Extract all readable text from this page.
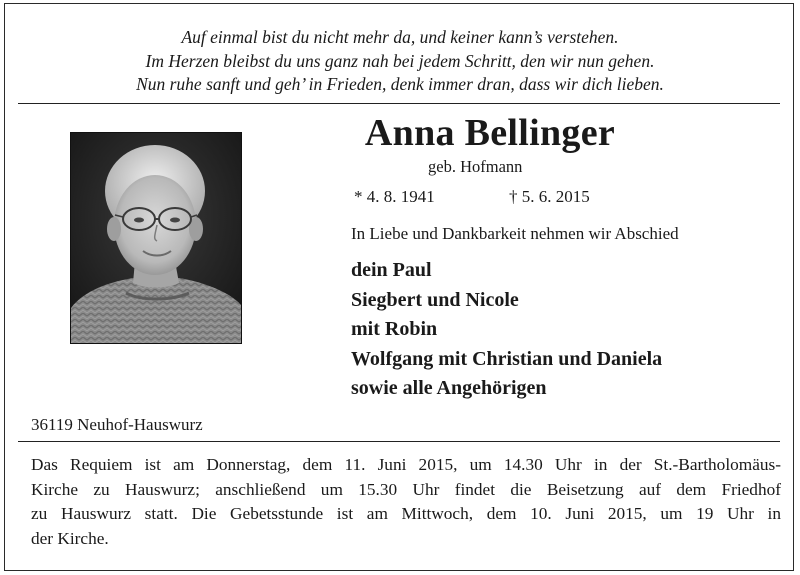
Auf einmal bist du nicht mehr da, und keiner kann’s verstehen.
Im Herzen bleibst du uns ganz nah bei jedem Schritt, den wir nun gehen.
Nun ruhe sanft und geh’ in Frieden, denk immer dran, dass wir dich lieben.
Anna Bellinger
geb. Hofmann
* 4. 8. 1941	† 5. 6. 2015
In Liebe und Dankbarkeit nehmen wir Abschied
dein Paul
Siegbert und Nicole
mit Robin
Wolfgang mit Christian und Daniela
sowie alle Angehörigen
36119 Neuhof-Hauswurz
Das Requiem ist am Donnerstag, dem 11. Juni 2015, um 14.30 Uhr in der St.-Bartholomäus-
Kirche zu Hauswurz; anschließend um 15.30 Uhr findet die Beisetzung auf dem Friedhof
zu Hauswurz statt. Die Gebetsstunde ist am Mittwoch, dem 10. Juni 2015, um 19 Uhr in
der Kirche.
